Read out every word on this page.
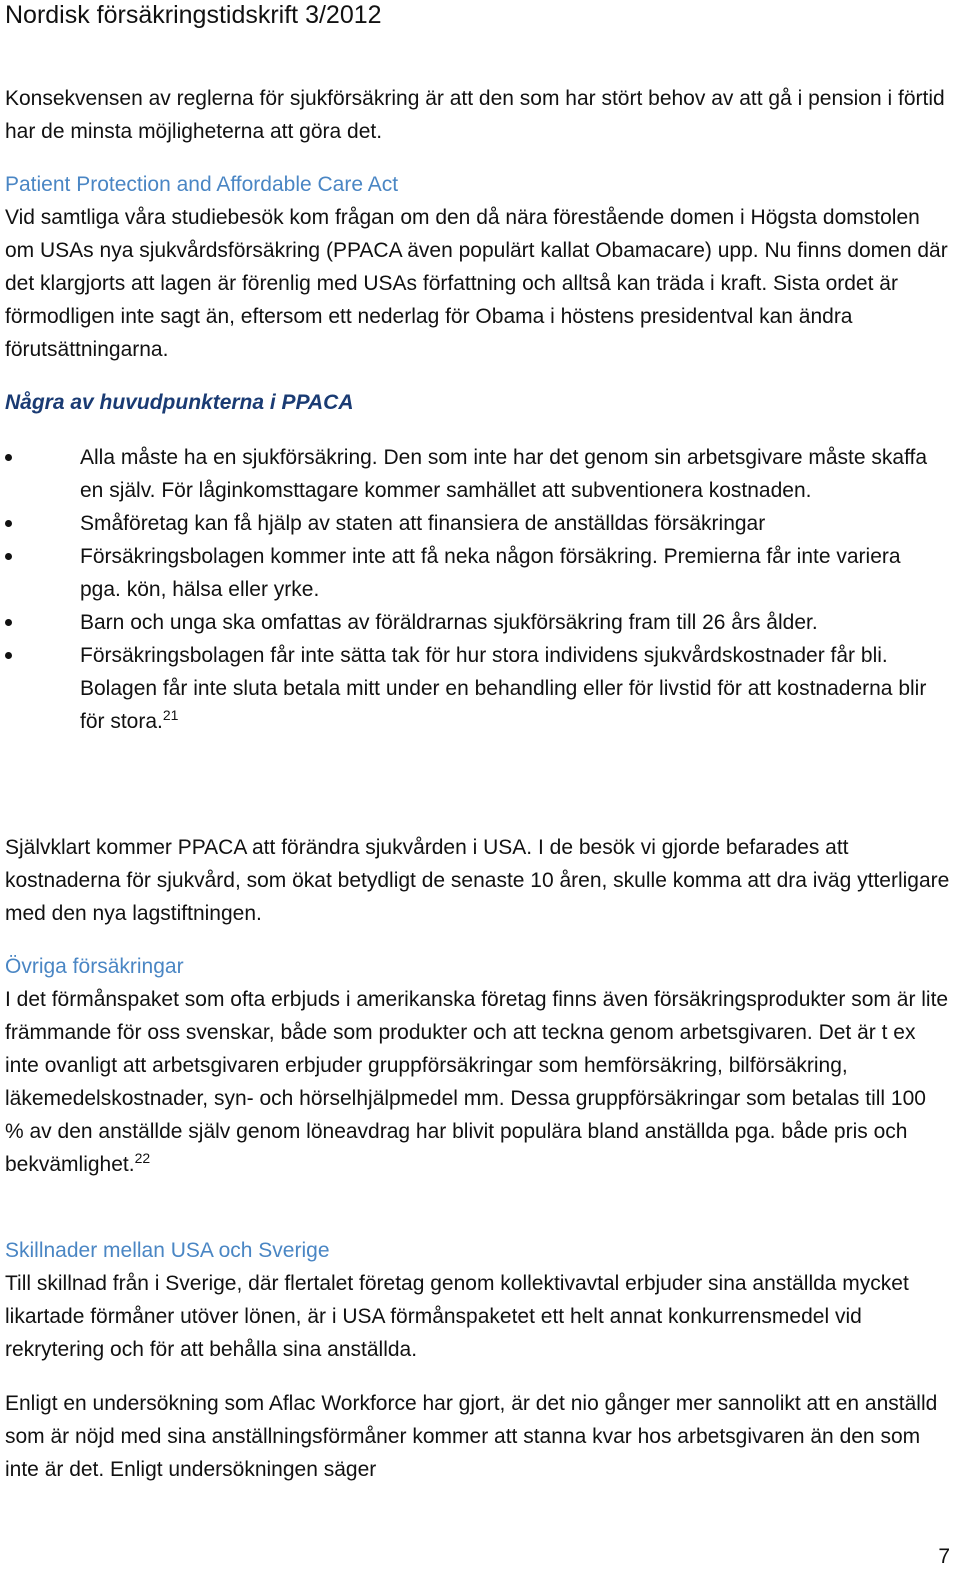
Nordisk försäkringstidskrift 3/2012

Konsekvensen av reglerna för sjukförsäkring är att den som har stört behov av att gå i pension i förtid har de minsta möjligheterna att göra det.

Patient Protection and Affordable Care Act
Vid samtliga våra studiebesök kom frågan om den då nära förestående domen i Högsta domstolen om USAs nya sjukvårdsförsäkring (PPACA även populärt kallat Obamacare) upp. Nu finns domen där det klargjorts att lagen är förenlig med USAs författning och alltså kan träda i kraft. Sista ordet är förmodligen inte sagt än, eftersom ett nederlag för Obama i höstens presidentval kan ändra förutsättningarna.
Några av huvudpunkterna i PPACA
Alla måste ha en sjukförsäkring. Den som inte har det genom sin arbetsgivare måste skaffa en själv. För låginkomsttagare kommer samhället att subventionera kostnaden.
Småföretag kan få hjälp av staten att finansiera de anställdas försäkringar
Försäkringsbolagen kommer inte att få neka någon försäkring. Premierna får inte variera pga. kön, hälsa eller yrke.
Barn och unga ska omfattas av föräldrarnas sjukförsäkring fram till 26 års ålder.
Försäkringsbolagen får inte sätta tak för hur stora individens sjukvårdskostnader får bli. Bolagen får inte sluta betala mitt under en behandling eller för livstid för att kostnaderna blir för stora.$^{21}$

Självklart kommer PPACA att förändra sjukvården i USA. I de besök vi gjorde befarades att kostnaderna för sjukvård, som ökat betydligt de senaste 10 åren, skulle komma att dra iväg ytterligare med den nya lagstiftningen.

Övriga försäkringar
I det förmånspaket som ofta erbjuds i amerikanska företag finns även försäkringsprodukter som är lite främmande för oss svenskar, både som produkter och att teckna genom arbetsgivaren. Det är t ex inte ovanligt att arbetsgivaren erbjuder gruppförsäkringar som hemförsäkring, bilförsäkring, läkemedelskostnader, syn- och hörselhjälpmedel mm. Dessa gruppförsäkringar som betalas till 100 % av den anställde själv genom löneavdrag har blivit populära bland anställda pga. både pris och bekvämlighet.$^{22}$
Skillnader mellan USA och Sverige
Till skillnad från i Sverige, där flertalet företag genom kollektivavtal erbjuder sina anställda mycket likartade förmåner utöver lönen, är i USA förmånspaketet ett helt annat konkurrensmedel vid rekrytering och för att behålla sina anställda.

Enligt en undersökning som Aflac Workforce har gjort, är det nio gånger mer sannolikt att en anställd som är nöjd med sina anställningsförmåner kommer att stanna kvar hos arbetsgivaren än den som inte är det. Enligt undersökningen säger

7
